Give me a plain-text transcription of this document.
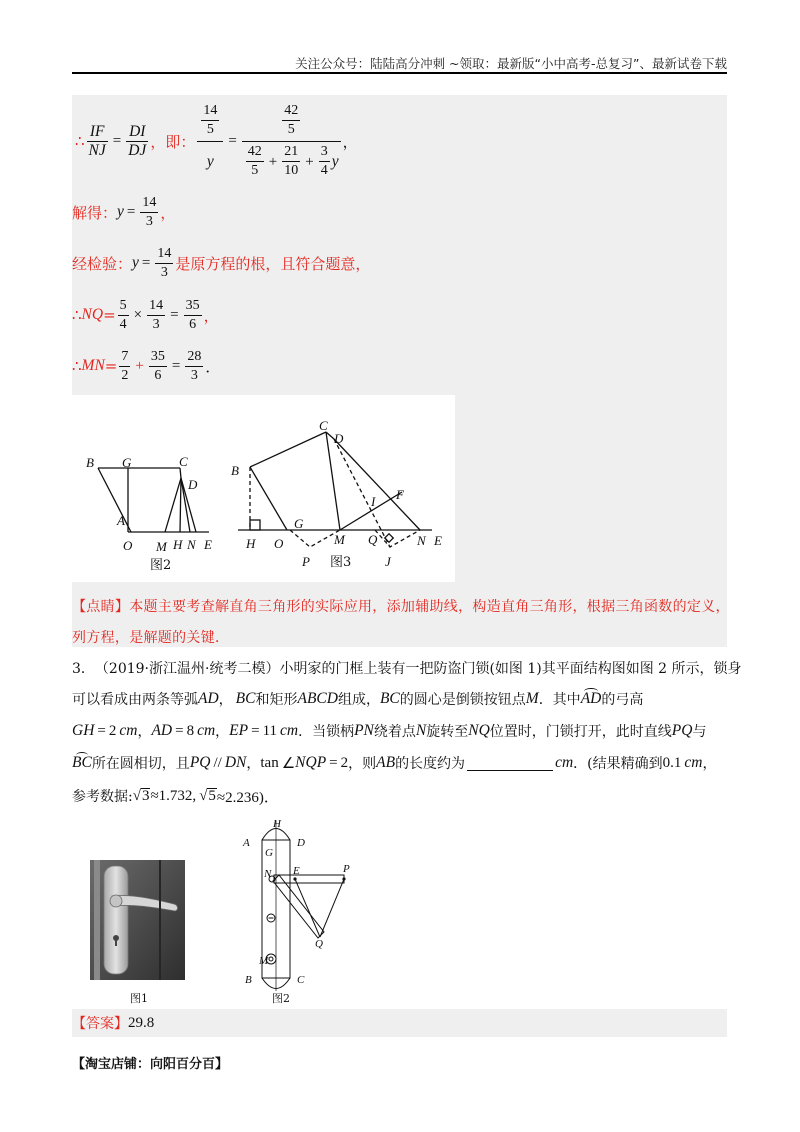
关注公众号：陆陆高分冲刺 ~领取：最新版“小中高考-总复习”、最新试卷下载
∴ $\frac{IF}{NJ} = \frac{DI}{DJ}$ ，即： $\frac{\frac{14}{5}}{y} = \frac{\frac{42}{5}}{\frac{42}{5} + \frac{21}{10} + \frac{3}{4} y}$ ，
解得： $y = \frac{14}{3}$ ，
经检验： $y = \frac{14}{3}$ 是原方程的根，且符合题意，
∴ NQ = $\frac{5}{4} \times \frac{14}{3} = \frac{35}{6}$ ，
∴ MN = $\frac{7}{2} + \frac{35}{6} = \frac{28}{3}$ ．
B G	C
D
A
O M H N E
图2
C
D
B
F
I
G
H O	M Q	N E
P	J
图3
【点睛】 本题主要考查解直角三角形的实际应用，添加辅助线，构造直角三角形，根据三角函数的定义，
列方程，是解题的关键．
3． （2019·浙江温州·统考二模）小明家的门框上装有一把防盗门锁(如图 1)其平面结构图如图 2 所示，锁身
可以看成由两条等弧 AD ， BC 和矩形 ABCD 组成， BC 的圆心是倒锁按钮点 M ．其中 AD 的弓高
GH = 2 cm ， AD = 8 cm ， EP = 11 cm ．当锁柄 PN 绕着点 N 旋转至 NQ 位置时，门锁打开，此时直线 PQ 与
BC 所在圆相切，且 PQ // DN ， tan ∠ NQP = 2 ，则 AB 的长度约为	cm ．(结果精确到 0.1 cm ，
参考数据: √ 3 ≈1.732, √ 5 ≈2.236)．
图1
H
A	D
G
N E	P
Q
M
B	C
图2
【答案】 29.8
【淘宝店铺：向阳百分百】
